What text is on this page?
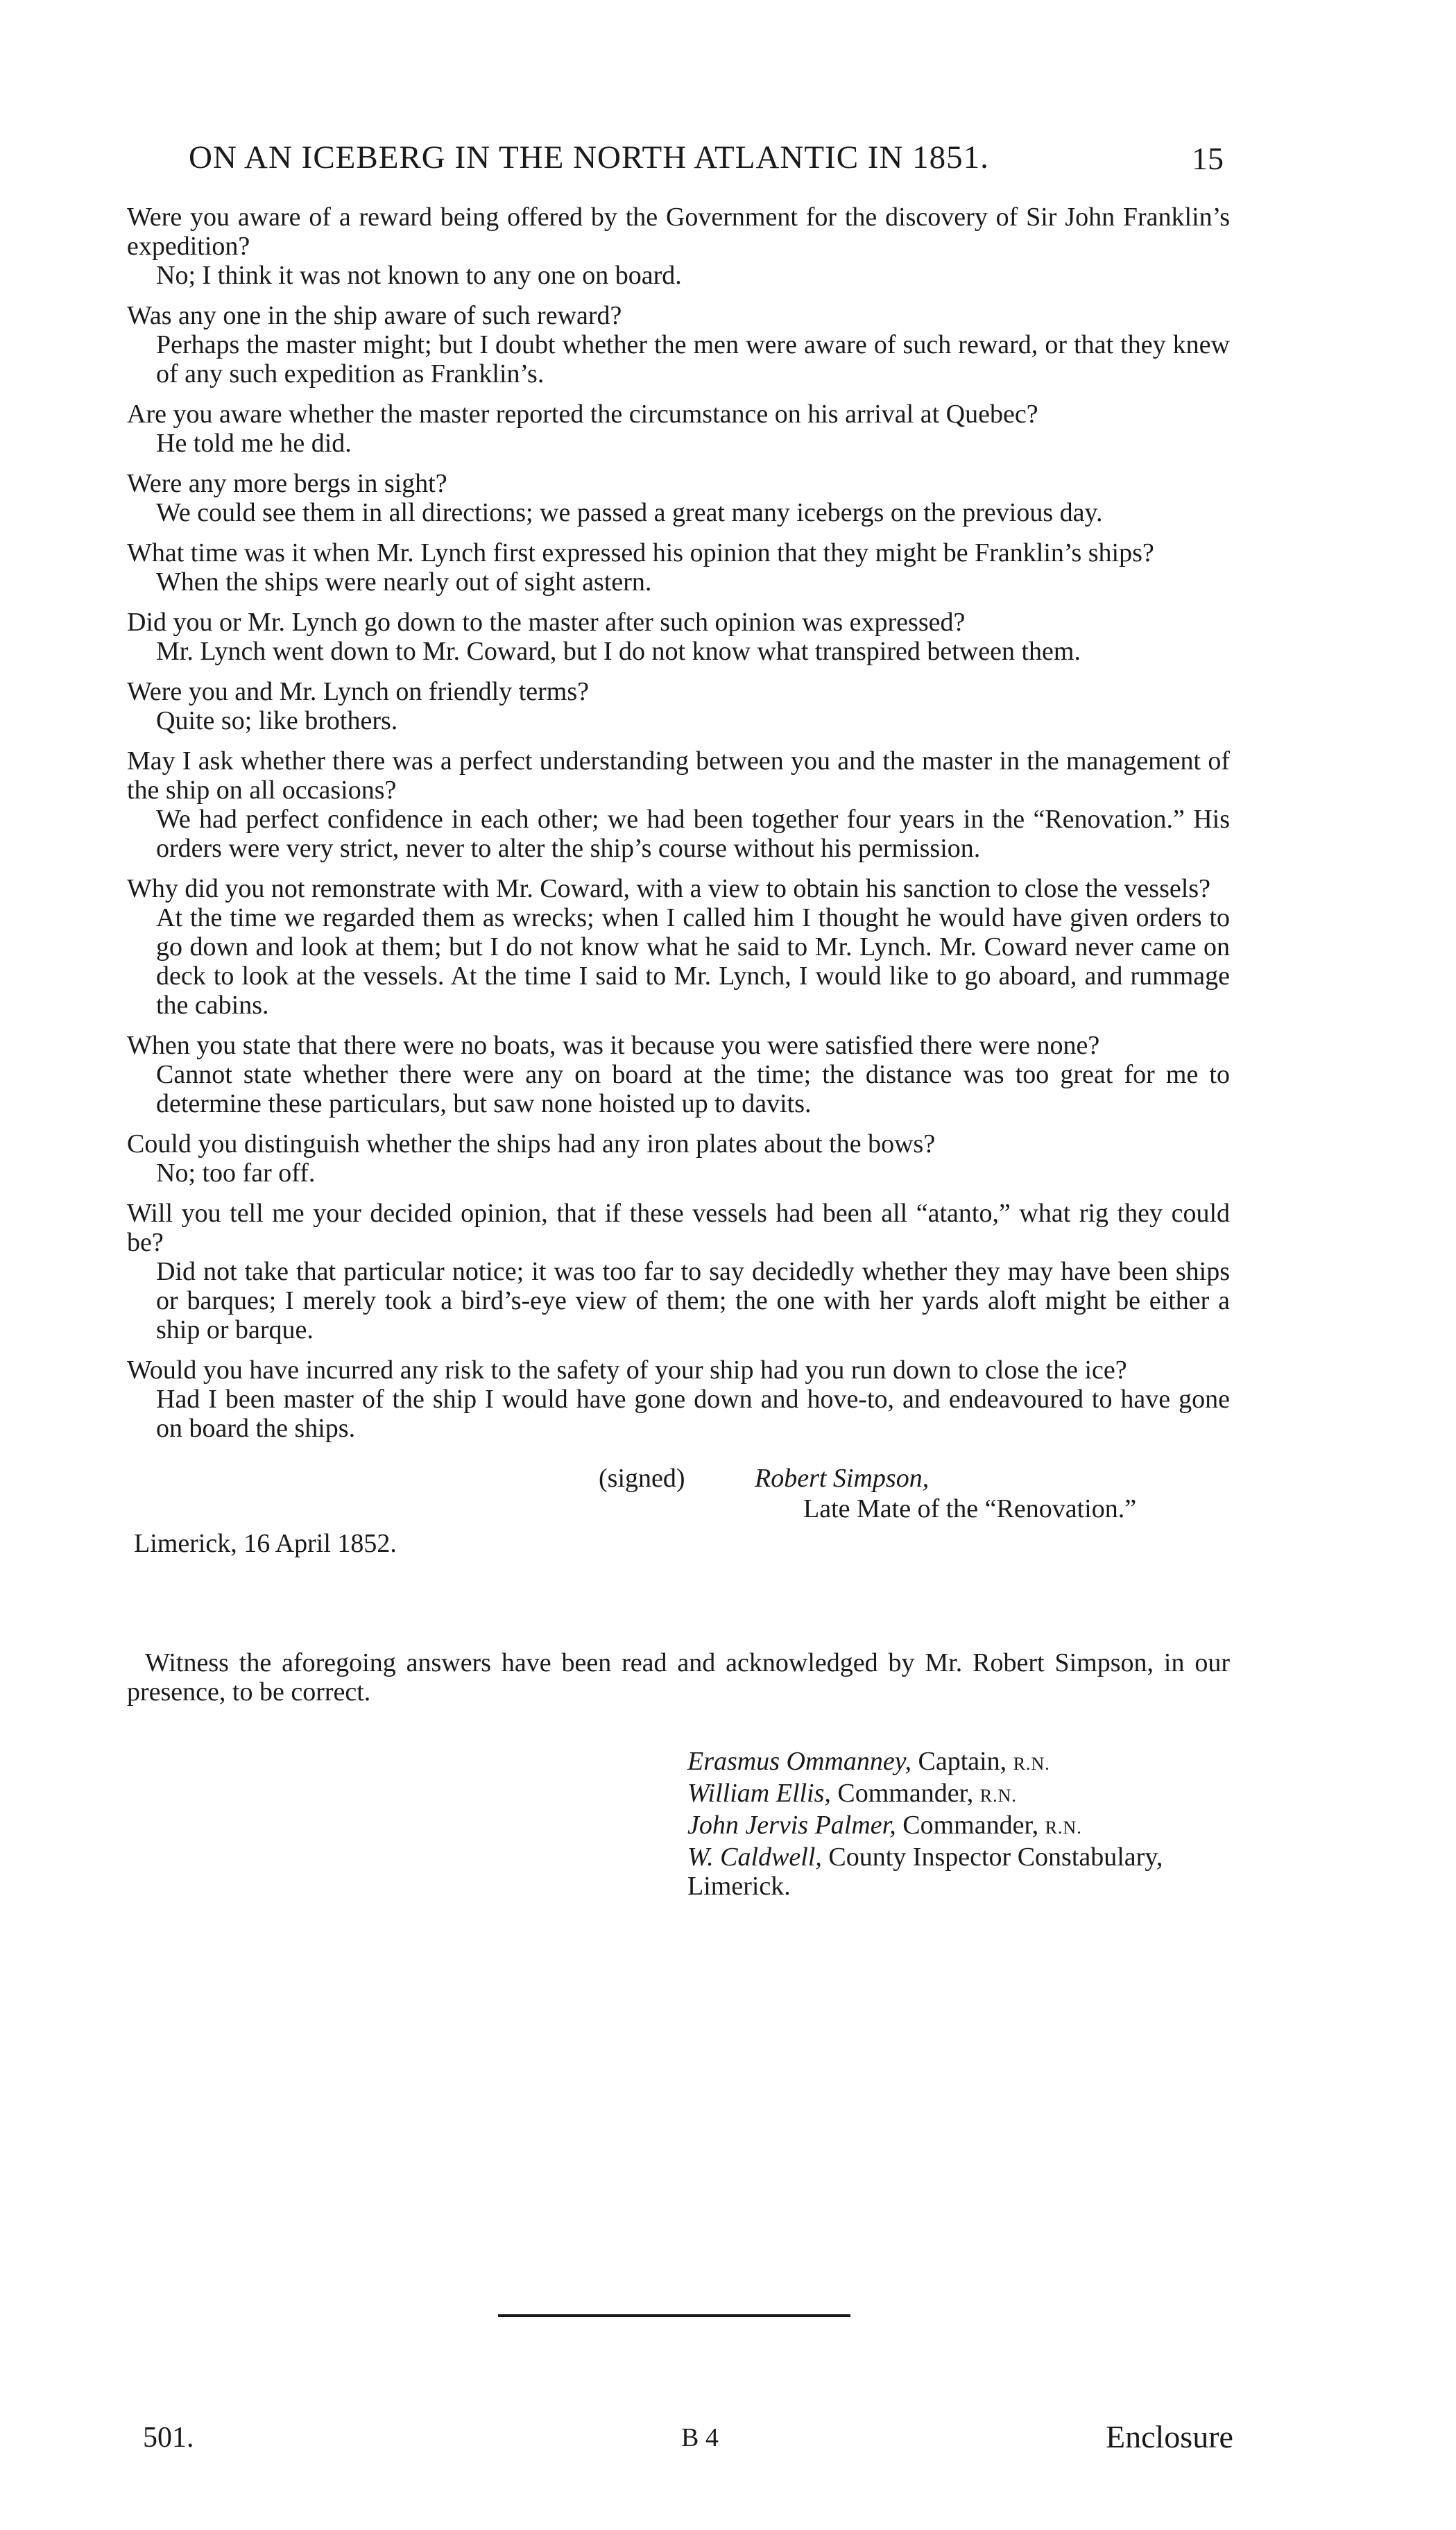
ON AN ICEBERG IN THE NORTH ATLANTIC IN 1851.	15
Were you aware of a reward being offered by the Government for the discovery of Sir John Franklin’s expedition?
No; I think it was not known to any one on board.
Was any one in the ship aware of such reward?
Perhaps the master might; but I doubt whether the men were aware of such reward, or that they knew of any such expedition as Franklin’s.
Are you aware whether the master reported the circumstance on his arrival at Quebec?
He told me he did.
Were any more bergs in sight?
We could see them in all directions; we passed a great many icebergs on the previous day.
What time was it when Mr. Lynch first expressed his opinion that they might be Franklin’s ships?
When the ships were nearly out of sight astern.
Did you or Mr. Lynch go down to the master after such opinion was expressed?
Mr. Lynch went down to Mr. Coward, but I do not know what transpired between them.
Were you and Mr. Lynch on friendly terms?
Quite so; like brothers.
May I ask whether there was a perfect understanding between you and the master in the management of the ship on all occasions?
We had perfect confidence in each other; we had been together four years in the “Renovation.” His orders were very strict, never to alter the ship’s course without his permission.
Why did you not remonstrate with Mr. Coward, with a view to obtain his sanction to close the vessels?
At the time we regarded them as wrecks; when I called him I thought he would have given orders to go down and look at them; but I do not know what he said to Mr. Lynch. Mr. Coward never came on deck to look at the vessels. At the time I said to Mr. Lynch, I would like to go aboard, and rummage the cabins.
When you state that there were no boats, was it because you were satisfied there were none?
Cannot state whether there were any on board at the time; the distance was too great for me to determine these particulars, but saw none hoisted up to davits.
Could you distinguish whether the ships had any iron plates about the bows?
No; too far off.
Will you tell me your decided opinion, that if these vessels had been all “atanto,” what rig they could be?
Did not take that particular notice; it was too far to say decidedly whether they may have been ships or barques; I merely took a bird’s-eye view of them; the one with her yards aloft might be either a ship or barque.
Would you have incurred any risk to the safety of your ship had you run down to close the ice?
Had I been master of the ship I would have gone down and hove-to, and endeavoured to have gone on board the ships.
(signed)	Robert Simpson,
Late Mate of the “Renovation.”
Limerick, 16 April 1852.
Witness the aforegoing answers have been read and acknowledged by Mr. Robert Simpson, in our presence, to be correct.
Erasmus Ommanney, Captain, R.N.
William Ellis, Commander, R.N.
John Jervis Palmer, Commander, R.N.
W. Caldwell, County Inspector Constabulary, Limerick.
501.	B 4	Enclosure
